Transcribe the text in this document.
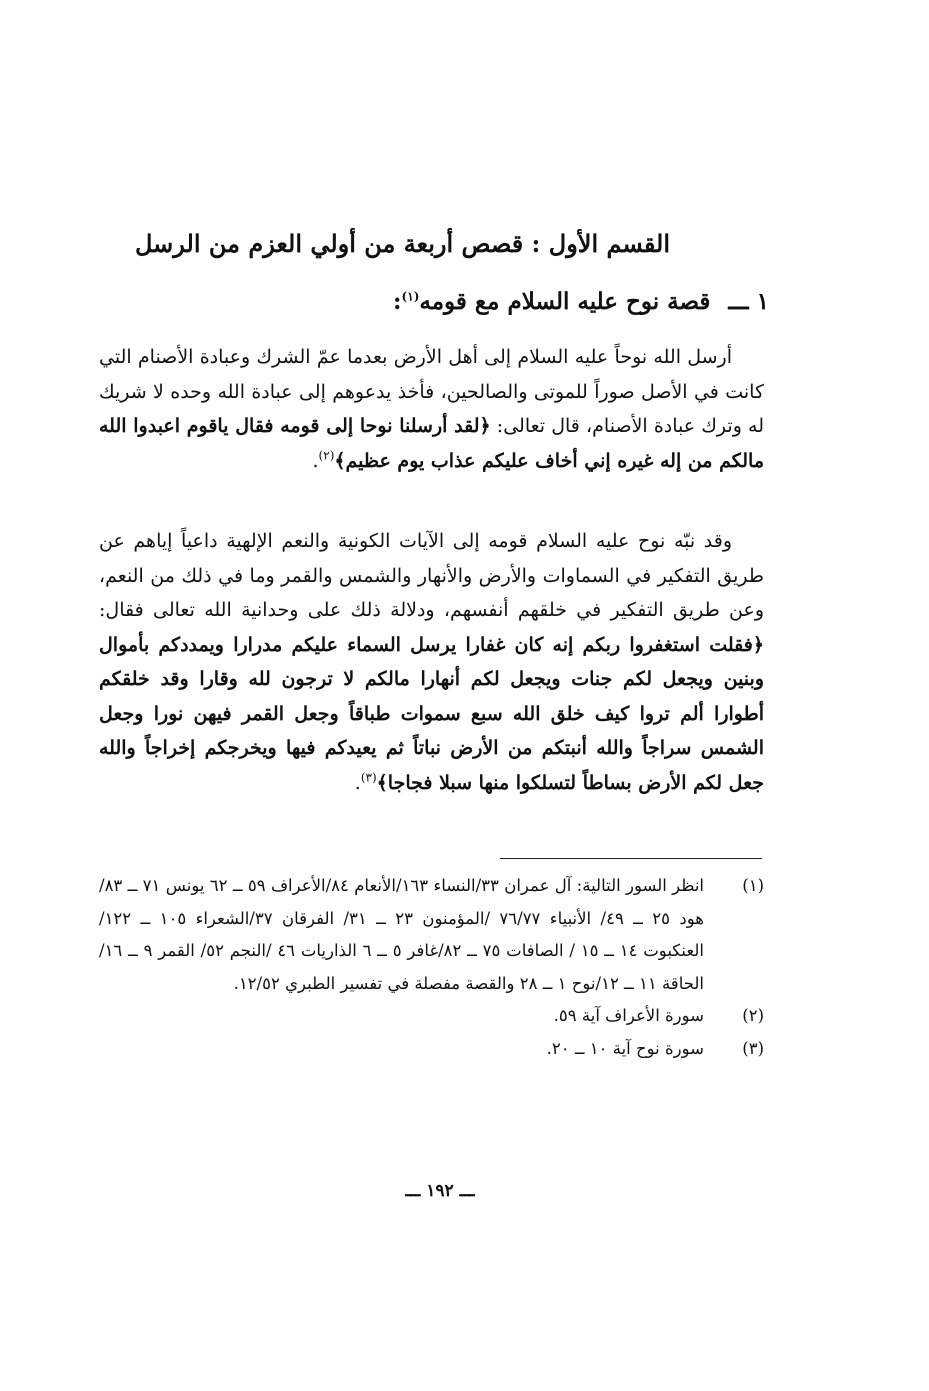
القسم الأول : قصص أربعة من أولي العزم من الرسل
١ ـــ قصة نوح عليه السلام مع قومه$^{(١)}$:
أرسل الله نوحاً عليه السلام إلى أهل الأرض بعدما عمّ الشرك وعبادة الأصنام التي كانت في الأصل صوراً للموتى والصالحين، فأخذ يدعوهم إلى عبادة الله وحده لا شريك له وترك عبادة الأصنام، قال تعالى: ﴿لقد أرسلنا نوحا إلى قومه فقال ياقوم اعبدوا الله مالكم من إله غيره إني أخاف عليكم عذاب يوم عظيم﴾$^{(٢)}$.
وقد نبّه نوح عليه السلام قومه إلى الآيات الكونية والنعم الإلهية داعياً إياهم عن طريق التفكير في السماوات والأرض والأنهار والشمس والقمر وما في ذلك من النعم، وعن طريق التفكير في خلقهم أنفسهم، ودلالة ذلك على وحدانية الله تعالى فقال: ﴿فقلت استغفروا ربكم إنه كان غفارا يرسل السماء عليكم مدرارا ويمددكم بأموال وبنين ويجعل لكم جنات ويجعل لكم أنهارا مالكم لا ترجون لله وقارا وقد خلقكم أطوارا ألم تروا كيف خلق الله سبع سموات طباقاً وجعل القمر فيهن نورا وجعل الشمس سراجاً والله أنبتكم من الأرض نباتاً ثم يعيدكم فيها ويخرجكم إخراجاً والله جعل لكم الأرض بساطاً لتسلكوا منها سبلا فجاجا﴾$^{(٣)}$.
(١)
انظر السور التالية: آل عمران ٣٣/النساء ١٦٣/الأنعام ٨٤/الأعراف ٥٩ ــ ٦٢ يونس ٧١ ــ ٨٣/هود ٢٥ ــ ٤٩/ الأنبياء ٧٦/٧٧ /المؤمنون ٢٣ ــ ٣١/ الفرقان ٣٧/الشعراء ١٠٥ ــ ١٢٢/ العنكبوت ١٤ ــ ١٥ / الصافات ٧٥ ــ ٨٢/غافر ٥ ــ ٦ الذاريات ٤٦ /النجم ٥٢/ القمر ٩ ــ ١٦/ الحاقة ١١ ــ ١٢/نوح ١ ــ ٢٨ والقصة مفصلة في تفسير الطبري ١٢/٥٢.
(٢)
سورة الأعراف آية ٥٩.
(٣)
سورة نوح آية ١٠ ــ ٢٠.
ـــ ١٩٢ ـــ
